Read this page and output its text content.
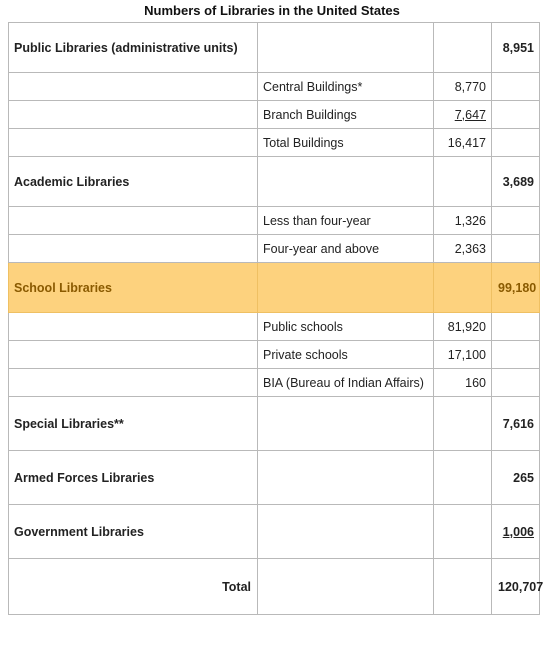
Numbers of Libraries in the United States
Public Libraries (administrative units)			8,951
	Central Buildings*	8,770	
	Branch Buildings	7,647	
	Total Buildings	16,417	
Academic Libraries			3,689
	Less than four-year	1,326	
	Four-year and above	2,363	
School Libraries			99,180
	Public schools	81,920	
	Private schools	17,100	
	BIA (Bureau of Indian Affairs)	160	
Special Libraries**			7,616
Armed Forces Libraries			265
Government Libraries			1,006
Total			120,707
